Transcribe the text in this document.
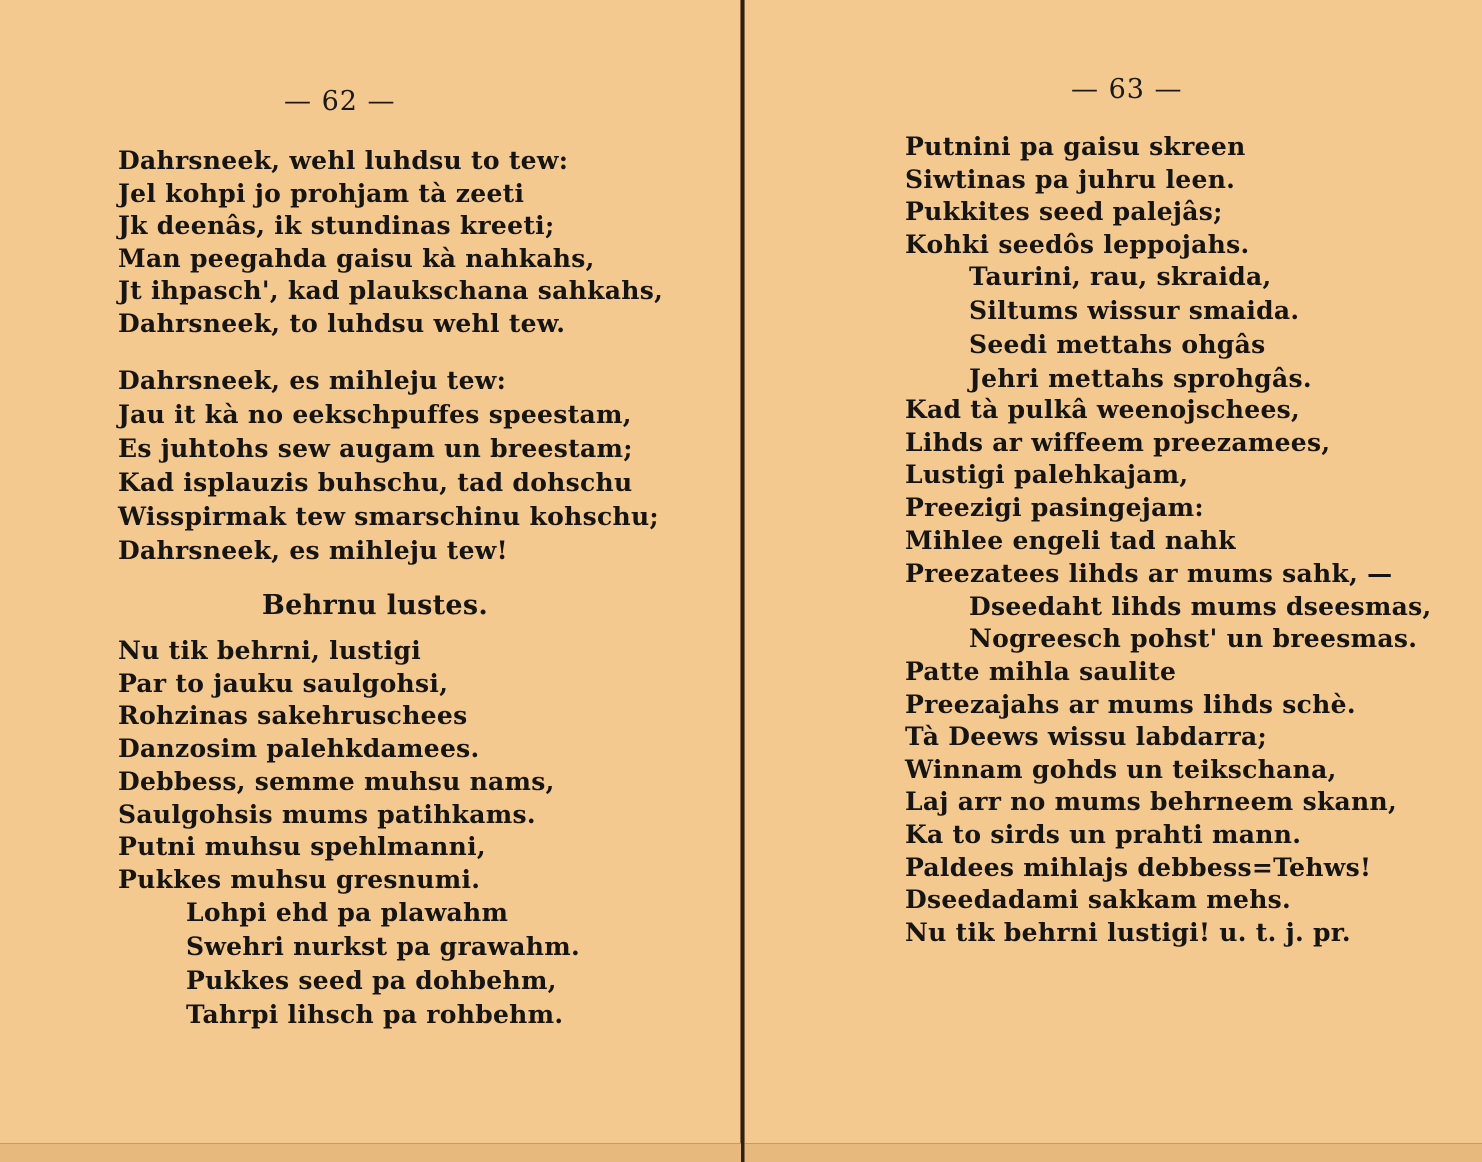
— 62 —
Dahrsneek, wehl luhdsu to tew:
Jel kohpi jo prohjam tà zeeti
Jk deenâs, ik stundinas kreeti;
Man peegahda gaisu kà nahkahs,
Jt ihpasch', kad plaukschana sahkahs,
Dahrsneek, to luhdsu wehl tew.
Dahrsneek, es mihleju tew:
Jau it kà no eekschpuffes speestam,
Es juhtohs sew augam un breestam;
Kad isplauzis buhschu, tad dohschu
Wisspirmak tew smarschinu kohschu;
Dahrsneek, es mihleju tew!
Nu tik behrni, lustigi
Par to jauku saulgohsi,
Rohzinas sakehruschees
Danzosim palehkdamees.
Debbess, semme muhsu nams,
Saulgohsis mums patihkams.
Putni muhsu spehlmanni,
Pukkes muhsu gresnumi.
Lohpi ehd pa plawahm
Swehri nurkst pa grawahm.
Pukkes seed pa dohbehm,
Tahrpi lihsch pa rohbehm.
Behrnu lustes.
— 63 —
Putnini pa gaisu skreen
Siwtinas pa juhru leen.
Pukkites seed palejâs;
Kohki seedôs leppojahs.
Taurini, rau, skraida,
Siltums wissur smaida.
Seedi mettahs ohgâs
Jehri mettahs sprohgâs.
Kad tà pulkâ weenojschees,
Lihds ar wiffeem preezamees,
Lustigi palehkajam,
Preezigi pasingejam:
Mihlee engeli tad nahk
Preezatees lihds ar mums sahk, —
Dseedaht lihds mums dseesmas,
Nogreesch pohst' un breesmas.
Patte mihla saulite
Preezajahs ar mums lihds schè.
Tà Deews wissu labdarra;
Winnam gohds un teikschana,
Laj arr no mums behrneem skann,
Ka to sirds un prahti mann.
Paldees mihlajs debbess=Tehws!
Dseedadami sakkam mehs.
Nu tik behrni lustigi! u. t. j. pr.
